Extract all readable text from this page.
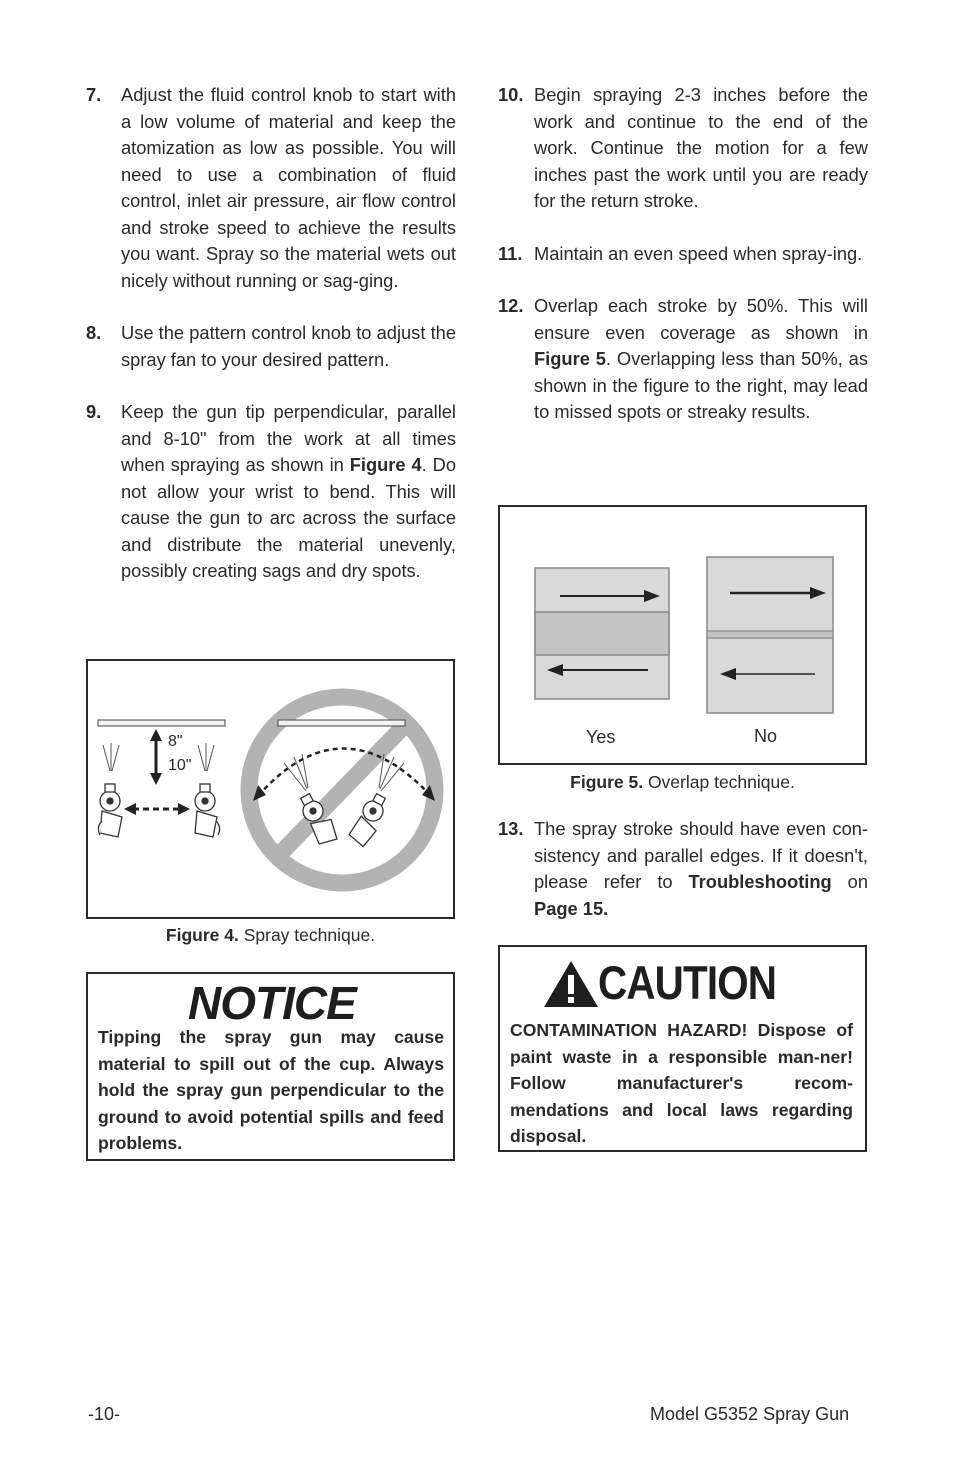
7. Adjust the fluid control knob to start with a low volume of material and keep the atomization as low as possible. You will need to use a combination of fluid control, inlet air pressure, air flow control and stroke speed to achieve the results you want. Spray so the material wets out nicely without running or sag-ging.
8. Use the pattern control knob to adjust the spray fan to your desired pattern.
9. Keep the gun tip perpendicular, parallel and 8-10" from the work at all times when spraying as shown in Figure 4. Do not allow your wrist to bend. This will cause the gun to arc across the surface and distribute the material unevenly, possibly creating sags and dry spots.
8"
10"
Figure 4. Spray technique.
NOTICE
Tipping the spray gun may cause material to spill out of the cup. Always hold the spray gun perpendicular to the ground to avoid potential spills and feed problems.
10. Begin spraying 2-3 inches before the work and continue to the end of the work. Continue the motion for a few inches past the work until you are ready for the return stroke.
11. Maintain an even speed when spray-ing.
12. Overlap each stroke by 50%. This will ensure even coverage as shown in Figure 5. Overlapping less than 50%, as shown in the figure to the right, may lead to missed spots or streaky results.
Yes	No
Figure 5. Overlap technique.
13. The spray stroke should have even con-sistency and parallel edges. If it doesn't, please refer to Troubleshooting on Page 15.
CAUTION
CONTAMINATION HAZARD! Dispose of paint waste in a responsible man-ner! Follow manufacturer's recom-mendations and local laws regarding disposal.
-10-	Model G5352 Spray Gun
